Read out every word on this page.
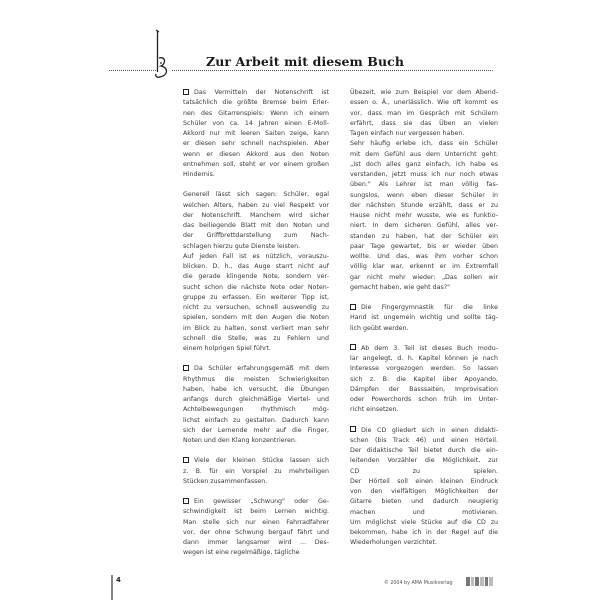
Zur Arbeit mit diesem Buch
Das Vermitteln der Notenschrift ist
tatsächlich die größte Bremse beim Erler-
nen des Gitarrenspiels: Wenn ich einem
Schüler von ca. 14 Jahren einen E-Moll-
Akkord nur mit leeren Saiten zeige, kann
er diesen sehr schnell nachspielen. Aber
wenn er diesen Akkord aus den Noten
entnehmen soll, steht er vor einem großen
Hindernis.
Generell lässt sich sagen: Schüler, egal
welchen Alters, haben zu viel Respekt vor
der Notenschrift. Manchem wird sicher
das beiliegende Blatt mit den Noten und
der Griffbrettdarstellung zum Nach-
schlagen hierzu gute Dienste leisten.
Auf jeden Fall ist es nützlich, vorauszu-
blicken. D. h., das Auge starrt nicht auf
die gerade klingende Note, sondern ver-
sucht schon die nächste Note oder Noten-
gruppe zu erfassen. Ein weiterer Tipp ist,
nicht zu versuchen, schnell auswendig zu
spielen, sondern mit den Augen die Noten
im Blick zu halten, sonst verliert man sehr
schnell die Stelle, was zu Fehlern und
einem holprigen Spiel führt.
Da Schüler erfahrungsgemäß mit dem
Rhythmus die meisten Schwierigkeiten
haben, habe ich versucht, die Übungen
anfangs durch gleichmäßige Viertel- und
Achtelbewegungen rhythmisch mög-
lichst einfach zu gestalten. Dadurch kann
sich der Lernende mehr auf die Finger,
Noten und den Klang konzentrieren.
Viele der kleinen Stücke lassen sich
z. B. für ein Vorspiel zu mehrteiligen
Stücken zusammenfassen.
Ein gewisser „Schwung" oder Ge-
schwindigkeit ist beim Lernen wichtig.
Man stelle sich nur einen Fahrradfahrer
vor, der ohne Schwung bergauf fährt und
dann immer langsamer wird ... Des-
wegen ist eine regelmäßige, tägliche
Übezeit, wie zum Beispiel vor dem Abend-
essen o. Ä., unerlässlich. Wie oft kommt es
vor, dass man im Gespräch mit Schülern
erfährt, dass sie das Üben an vielen
Tagen einfach nur vergessen haben.
Sehr häufig erlebe ich, dass ein Schüler
mit dem Gefühl aus dem Unterricht geht:
„Ist doch alles ganz einfach, ich habe es
verstanden, jetzt muss ich nur noch etwas
üben." Als Lehrer ist man völlig fas-
sungslos, wenn eben dieser Schüler in
der nächsten Stunde erzählt, dass er zu
Hause nicht mehr wusste, wie es funktio-
niert. In dem sicheren Gefühl, alles ver-
standen zu haben, hat der Schüler ein
paar Tage gewartet, bis er wieder üben
wollte. Und das, was ihm vorher schon
völlig klar war, erkennt er im Extremfall
gar nicht mehr wieder: „Das sollen wir
gemacht haben, wie geht das?"
Die Fingergymnastik für die linke
Hand ist ungemein wichtig und sollte täg-
lich geübt werden.
Ab dem 3. Teil ist dieses Buch modu-
lar angelegt, d. h. Kapitel können je nach
Interesse vorgezogen werden. So lassen
sich z. B. die Kapitel über Apoyando,
Dämpfen der Basssaiten, Improvisation
oder Powerchords schon früh im Unter-
richt einsetzen.
Die CD gliedert sich in einen didakti-
schen (bis Track 46) und einen Hörteil.
Der didaktische Teil bietet durch die ein-
leitenden Vorzähler die Möglichkeit, zur
CD zu spielen.
Der Hörteil soll einen kleinen Eindruck
von den vielfältigen Möglichkeiten der
Gitarre bieten und dadurch neugierig
machen und motivieren.
Um möglichst viele Stücke auf die CD zu
bekommen, habe ich in der Regel auf die
Wiederholungen verzichtet.
4	© 2004 by AMA Musikverlag
